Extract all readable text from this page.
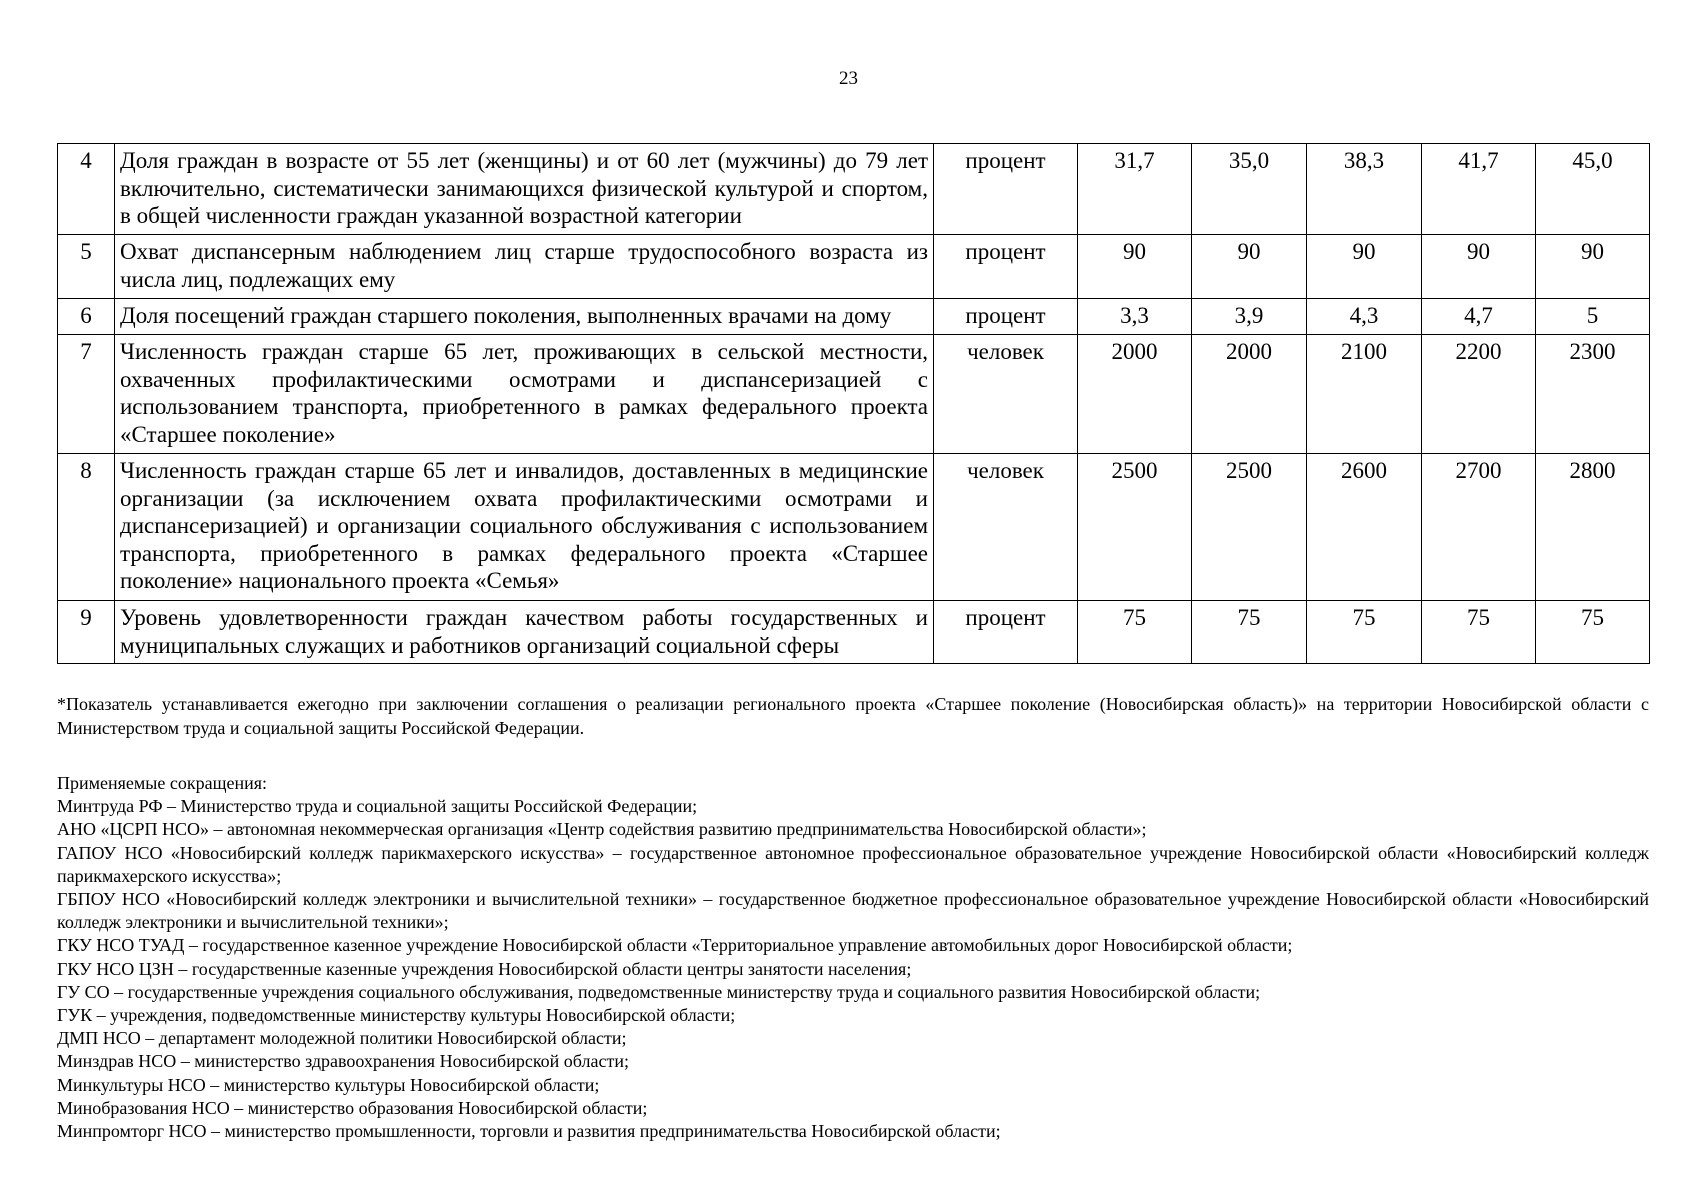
23
4	Доля граждан в возрасте от 55 лет (женщины) и от 60 лет (мужчины) до 79 лет включительно, систематически занимающихся физической культурой и спортом, в общей численности граждан указанной возрастной категории	процент	31,7	35,0	38,3	41,7	45,0
5	Охват диспансерным наблюдением лиц старше трудоспособного возраста из числа лиц, подлежащих ему	процент	90	90	90	90	90
6	Доля посещений граждан старшего поколения, выполненных врачами на дому	процент	3,3	3,9	4,3	4,7	5
7	Численность граждан старше 65 лет, проживающих в сельской местности, охваченных профилактическими осмотрами и диспансеризацией с использованием транспорта, приобретенного в рамках федерального проекта «Старшее поколение»	человек	2000	2000	2100	2200	2300
8	Численность граждан старше 65 лет и инвалидов, доставленных в медицинские организации (за исключением охвата профилактическими осмотрами и диспансеризацией) и организации социального обслуживания с использованием транспорта, приобретенного в рамках федерального проекта «Старшее поколение» национального проекта «Семья»	человек	2500	2500	2600	2700	2800
9	Уровень удовлетворенности граждан качеством работы государственных и муниципальных служащих и работников организаций социальной сферы	процент	75	75	75	75	75
*Показатель устанавливается ежегодно при заключении соглашения о реализации регионального проекта «Старшее поколение (Новосибирская область)» на территории Новосибирской области с Министерством труда и социальной защиты Российской Федерации.

Применяемые сокращения:

Минтруда РФ – Министерство труда и социальной защиты Российской Федерации;

АНО «ЦСРП НСО» – автономная некоммерческая организация «Центр содействия развитию предпринимательства Новосибирской области»;

ГАПОУ НСО «Новосибирский колледж парикмахерского искусства» – государственное автономное профессиональное образовательное учреждение Новосибирской области «Новосибирский колледж парикмахерского искусства»;

ГБПОУ НСО «Новосибирский колледж электроники и вычислительной техники» – государственное бюджетное профессиональное образовательное учреждение Новосибирской области «Новосибирский колледж электроники и вычислительной техники»;

ГКУ НСО ТУАД – государственное казенное учреждение Новосибирской области «Территориальное управление автомобильных дорог Новосибирской области;

ГКУ НСО ЦЗН – государственные казенные учреждения Новосибирской области центры занятости населения;

ГУ СО – государственные учреждения социального обслуживания, подведомственные министерству труда и социального развития Новосибирской области;

ГУК – учреждения, подведомственные министерству культуры Новосибирской области;

ДМП НСО – департамент молодежной политики Новосибирской области;

Минздрав НСО – министерство здравоохранения Новосибирской области;

Минкультуры НСО – министерство культуры Новосибирской области;

Минобразования НСО – министерство образования Новосибирской области;

Минпромторг НСО – министерство промышленности, торговли и развития предпринимательства Новосибирской области;
